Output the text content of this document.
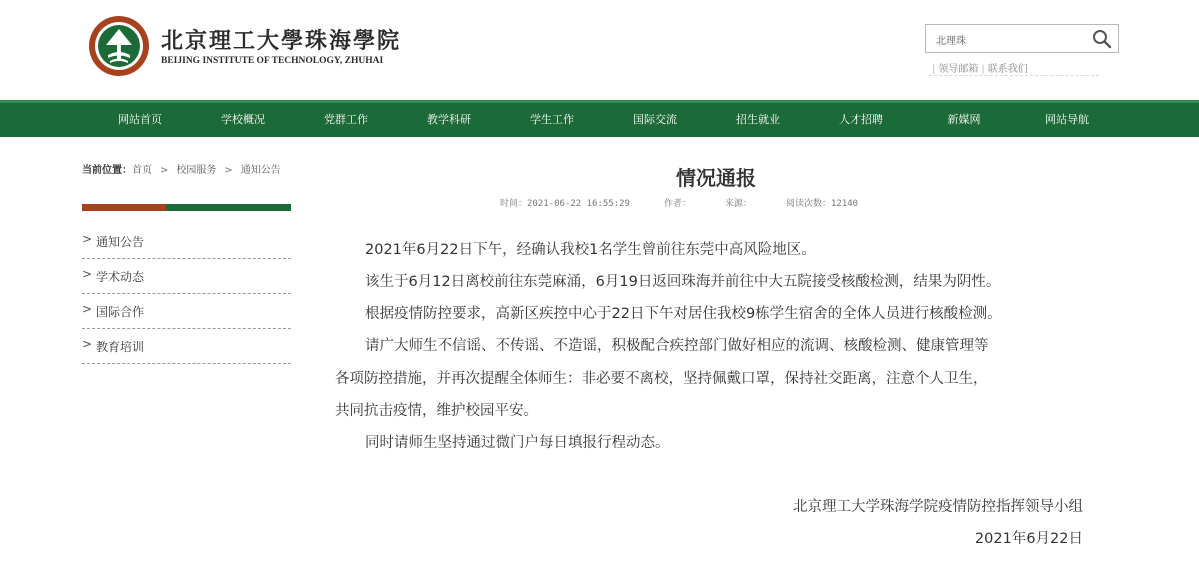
北京理工大學珠海學院
BEIJING INSTITUTE OF TECHNOLOGY, ZHUHAI
北理珠
| 领导邮箱 | 联系我们
网站首页	学校概况	党群工作	教学科研	学生工作	国际交流	招生就业	人才招聘	新媒网	网站导航
当前位置：首页 > 校园服务 > 通知公告
> 通知公告
> 学术动态
> 国际合作
> 教育培训
情况通报
时间：2021-06-22 16:55:29	作者：	来源：	阅读次数：12140
2021年6月22日下午，经确认我校1名学生曾前往东莞中高风险地区。
该生于6月12日离校前往东莞麻涌，6月19日返回珠海并前往中大五院接受核酸检测，结果为阴性。
根据疫情防控要求，高新区疾控中心于22日下午对居住我校9栋学生宿舍的全体人员进行核酸检测。
请广大师生不信谣、不传谣、不造谣，积极配合疾控部门做好相应的流调、核酸检测、健康管理等
各项防控措施，并再次提醒全体师生：非必要不离校，坚持佩戴口罩，保持社交距离，注意个人卫生，
共同抗击疫情，维护校园平安。
同时请师生坚持通过微门户每日填报行程动态。
北京理工大学珠海学院疫情防控指挥领导小组
2021年6月22日
